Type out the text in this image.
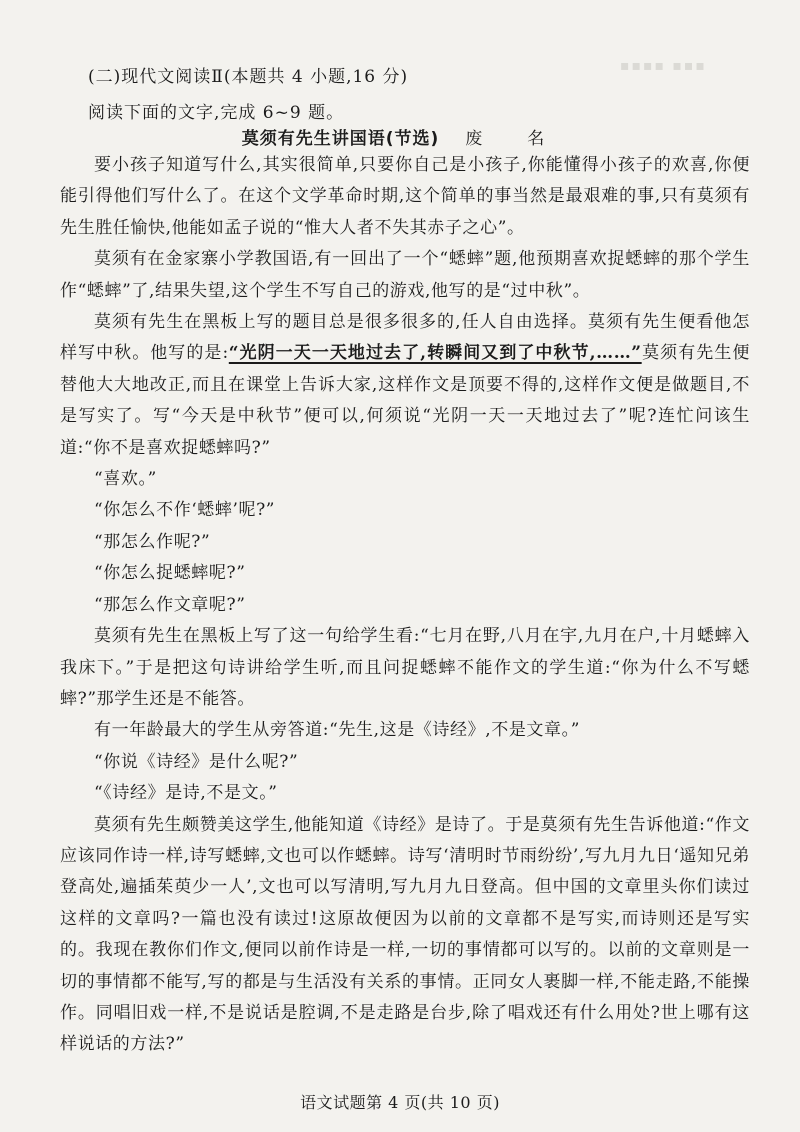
▪▪▪▪ ▪▪▪
(二)现代文阅读Ⅱ(本题共 4 小题,16 分)
阅读下面的文字,完成 6~9 题。
莫须有先生讲国语(节选) 废　名

要小孩子知道写什么,其实很简单,只要你自己是小孩子,你能懂得小孩子的欢喜,你便能引得他们写什么了。在这个文学革命时期,这个简单的事当然是最艰难的事,只有莫须有先生胜任愉快,他能如孟子说的“惟大人者不失其赤子之心”。

莫须有在金家寨小学教国语,有一回出了一个“蟋蟀”题,他预期喜欢捉蟋蟀的那个学生作“蟋蟀”了,结果失望,这个学生不写自己的游戏,他写的是“过中秋”。

莫须有先生在黑板上写的题目总是很多很多的,任人自由选择。莫须有先生便看他怎样写中秋。他写的是:“光阴一天一天地过去了,转瞬间又到了中秋节,……”莫须有先生便替他大大地改正,而且在课堂上告诉大家,这样作文是顶要不得的,这样作文便是做题目,不是写实了。写“今天是中秋节”便可以,何须说“光阴一天一天地过去了”呢?连忙问该生道:“你不是喜欢捉蟋蟀吗?”

“喜欢。”

“你怎么不作‘蟋蟀’呢?”

“那怎么作呢?”

“你怎么捉蟋蟀呢?”

“那怎么作文章呢?”

莫须有先生在黑板上写了这一句给学生看:“七月在野,八月在宇,九月在户,十月蟋蟀入我床下。”于是把这句诗讲给学生听,而且问捉蟋蟀不能作文的学生道:“你为什么不写蟋蟀?”那学生还是不能答。

有一年龄最大的学生从旁答道:“先生,这是《诗经》,不是文章。”

“你说《诗经》是什么呢?”

“《诗经》是诗,不是文。”

莫须有先生颇赞美这学生,他能知道《诗经》是诗了。于是莫须有先生告诉他道:“作文应该同作诗一样,诗写蟋蟀,文也可以作蟋蟀。诗写‘清明时节雨纷纷’,写九月九日‘遥知兄弟登高处,遍插茱萸少一人’,文也可以写清明,写九月九日登高。但中国的文章里头你们读过这样的文章吗?一篇也没有读过!这原故便因为以前的文章都不是写实,而诗则还是写实的。我现在教你们作文,便同以前作诗是一样,一切的事情都可以写的。以前的文章则是一切的事情都不能写,写的都是与生活没有关系的事情。正同女人裹脚一样,不能走路,不能操作。同唱旧戏一样,不是说话是腔调,不是走路是台步,除了唱戏还有什么用处?世上哪有这样说话的方法?”

语文试题第 4 页(共 10 页)
